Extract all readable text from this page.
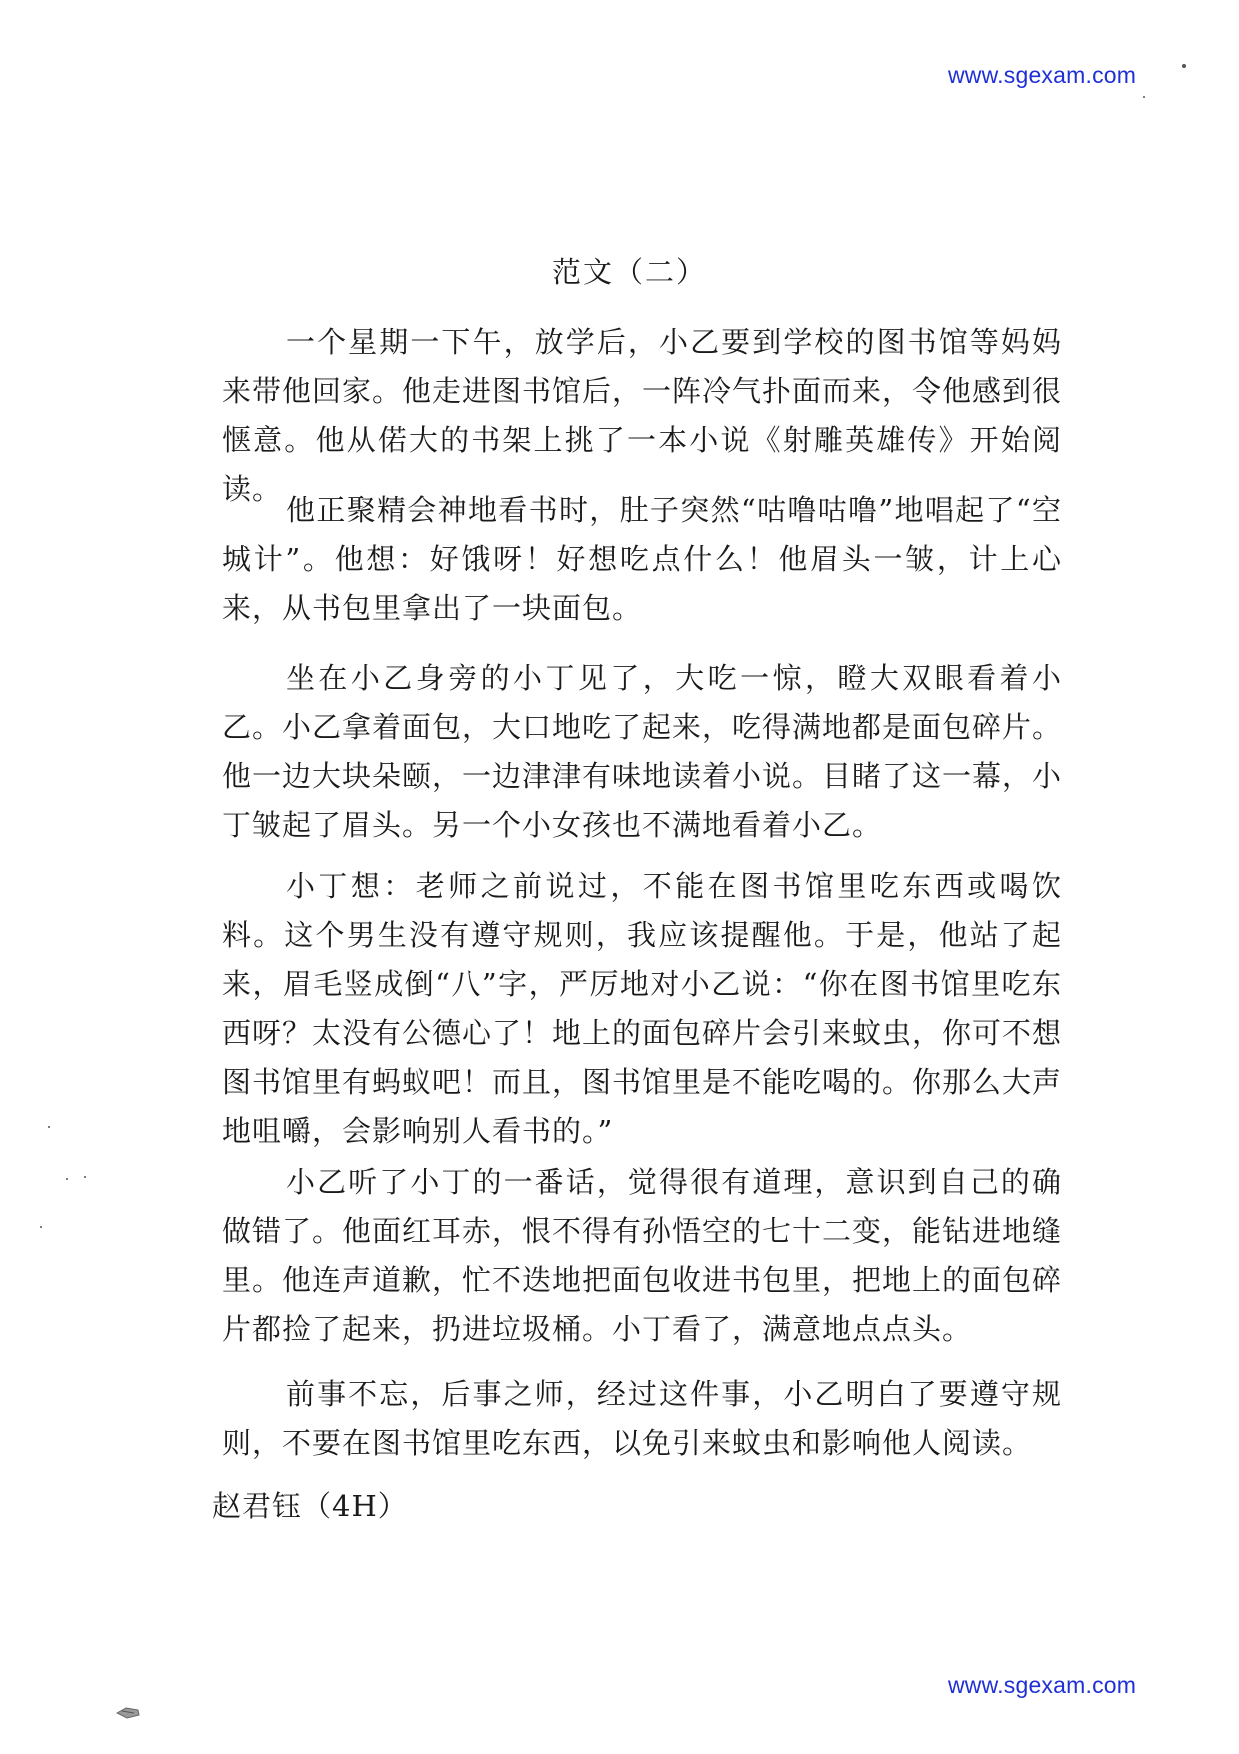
www.sgexam.com
范文（二）

一个星期一下午，放学后，小乙要到学校的图书馆等妈妈来带他回家。他走进图书馆后，一阵冷气扑面而来，令他感到很惬意。他从偌大的书架上挑了一本小说《射雕英雄传》开始阅读。

他正聚精会神地看书时，肚子突然“咕噜咕噜”地唱起了“空城计”。他想：好饿呀！好想吃点什么！他眉头一皱，计上心来，从书包里拿出了一块面包。

坐在小乙身旁的小丁见了，大吃一惊，瞪大双眼看着小乙。小乙拿着面包，大口地吃了起来，吃得满地都是面包碎片。他一边大块朵颐，一边津津有味地读着小说。目睹了这一幕，小丁皱起了眉头。另一个小女孩也不满地看着小乙。

小丁想：老师之前说过，不能在图书馆里吃东西或喝饮料。这个男生没有遵守规则，我应该提醒他。于是，他站了起来，眉毛竖成倒“八”字，严厉地对小乙说：“你在图书馆里吃东西呀？太没有公德心了！地上的面包碎片会引来蚊虫，你可不想图书馆里有蚂蚁吧！而且，图书馆里是不能吃喝的。你那么大声地咀嚼，会影响别人看书的。”

小乙听了小丁的一番话，觉得很有道理，意识到自己的确做错了。他面红耳赤，恨不得有孙悟空的七十二变，能钻进地缝里。他连声道歉，忙不迭地把面包收进书包里，把地上的面包碎片都捡了起来，扔进垃圾桶。小丁看了，满意地点点头。

前事不忘，后事之师，经过这件事，小乙明白了要遵守规则，不要在图书馆里吃东西，以免引来蚊虫和影响他人阅读。

赵君钰（4H）
www.sgexam.com
